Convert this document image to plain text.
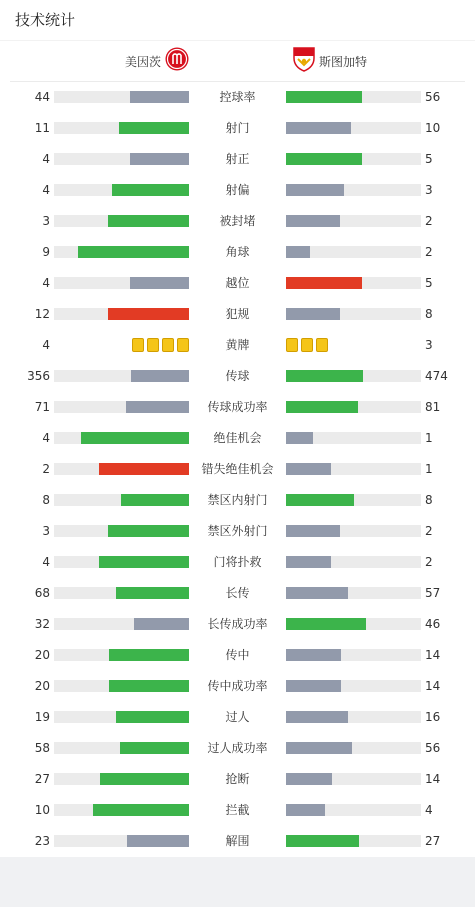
技术统计
美因茨	斯图加特
44	控球率	56
11	射门	10
4	射正	5
4	射偏	3
3	被封堵	2
9	角球	2
4	越位	5
12	犯规	8
4	黄牌	3
356	传球	474
71	传球成功率	81
4	绝佳机会	1
2	错失绝佳机会	1
8	禁区内射门	8
3	禁区外射门	2
4	门将扑救	2
68	长传	57
32	长传成功率	46
20	传中	14
20	传中成功率	14
19	过人	16
58	过人成功率	56
27	抢断	14
10	拦截	4
23	解围	27
